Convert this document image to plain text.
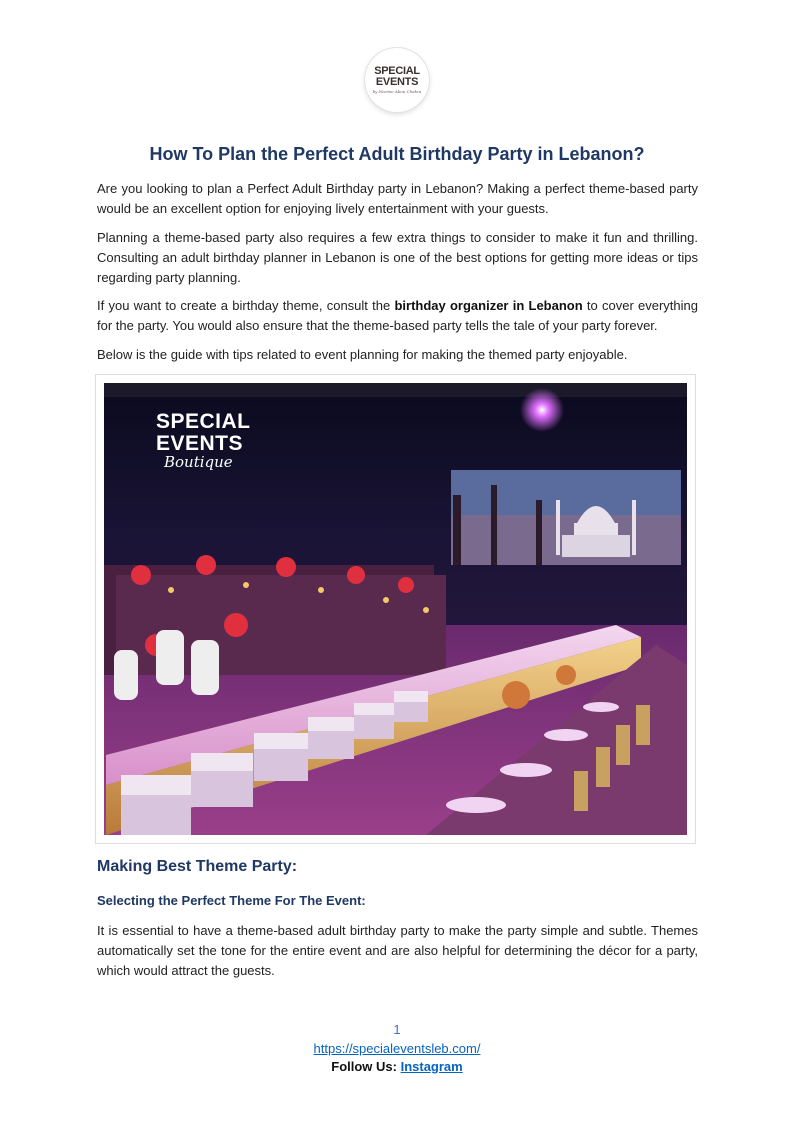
SPECIAL
EVENTS
by Nisrine Abou Chakra
How To Plan the Perfect Adult Birthday Party in Lebanon?

Are you looking to plan a Perfect Adult Birthday party in Lebanon? Making a perfect theme-based party would be an excellent option for enjoying lively entertainment with your guests.

Planning a theme-based party also requires a few extra things to consider to make it fun and thrilling. Consulting an adult birthday planner in Lebanon is one of the best options for getting more ideas or tips regarding party planning.

If you want to create a birthday theme, consult the birthday organizer in Lebanon to cover everything for the party. You would also ensure that the theme-based party tells the tale of your party forever.

Below is the guide with tips related to event planning for making the themed party enjoyable.

SPECIAL
EVENTS
Boutique
Making Best Theme Party:
Selecting the Perfect Theme For The Event:

It is essential to have a theme-based adult birthday party to make the party simple and subtle. Themes automatically set the tone for the entire event and are also helpful for determining the décor for a party, which would attract the guests.

1
https://specialeventsleb.com/
Follow Us: Instagram
